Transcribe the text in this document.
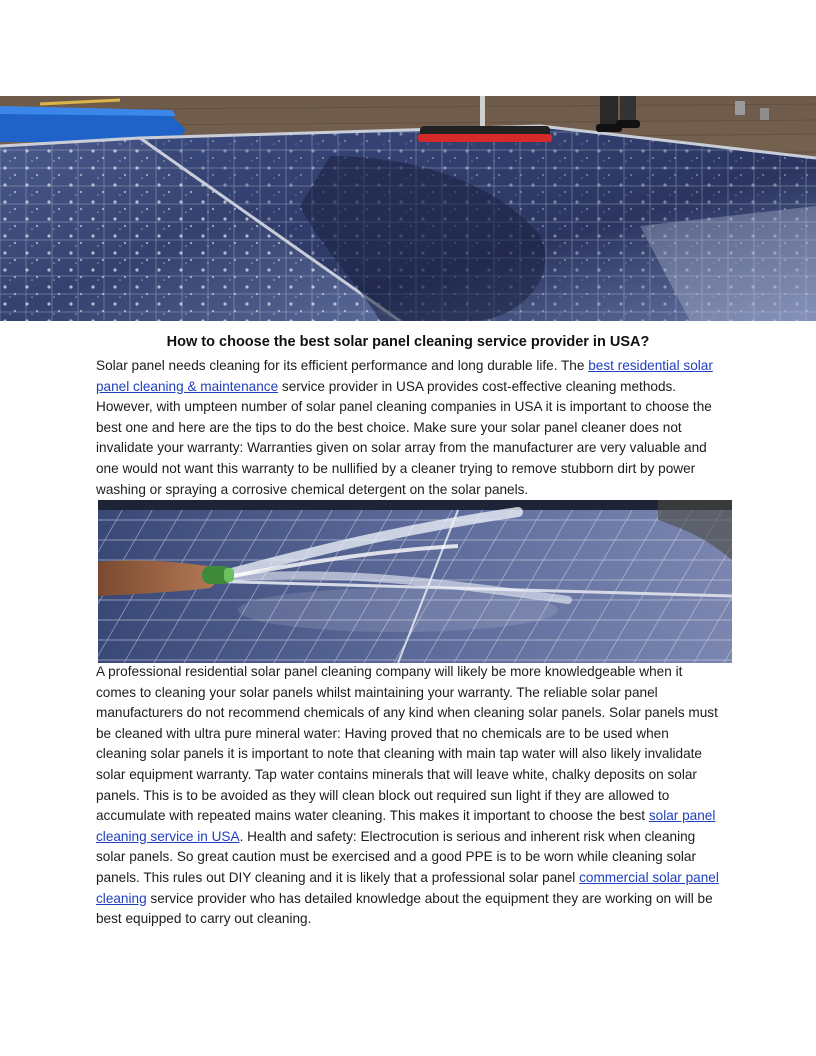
How to choose the best solar panel cleaning service provider in USA?

Solar panel needs cleaning for its efficient performance and long durable life. The best residential solar panel cleaning & maintenance service provider in USA provides cost-effective cleaning methods. However, with umpteen number of solar panel cleaning companies in USA it is important to choose the best one and here are the tips to do the best choice. Make sure your solar panel cleaner does not invalidate your warranty: Warranties given on solar array from the manufacturer are very valuable and one would not want this warranty to be nullified by a cleaner trying to remove stubborn dirt by power washing or spraying a corrosive chemical detergent on the solar panels.

A professional residential solar panel cleaning company will likely be more knowledgeable when it comes to cleaning your solar panels whilst maintaining your warranty. The reliable solar panel manufacturers do not recommend chemicals of any kind when cleaning solar panels. Solar panels must be cleaned with ultra pure mineral water: Having proved that no chemicals are to be used when cleaning solar panels it is important to note that cleaning with main tap water will also likely invalidate solar equipment warranty. Tap water contains minerals that will leave white, chalky deposits on solar panels. This is to be avoided as they will clean block out required sun light if they are allowed to accumulate with repeated mains water cleaning. This makes it important to choose the best solar panel cleaning service in USA. Health and safety: Electrocution is serious and inherent risk when cleaning solar panels. So great caution must be exercised and a good PPE is to be worn while cleaning solar panels. This rules out DIY cleaning and it is likely that a professional solar panel commercial solar panel cleaning service provider who has detailed knowledge about the equipment they are working on will be best equipped to carry out cleaning.
